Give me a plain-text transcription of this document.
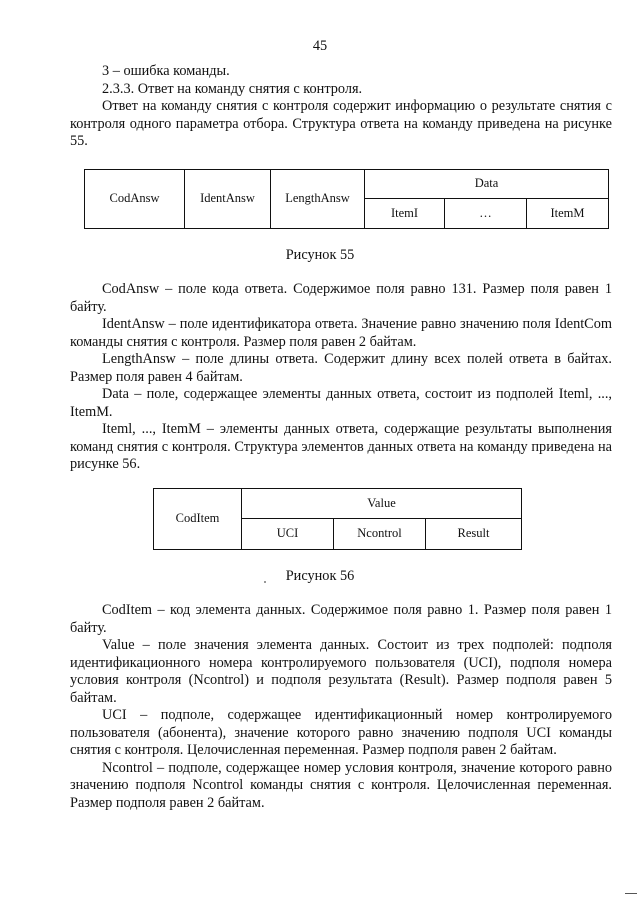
45
3 – ошибка команды.
2.3.3. Ответ на команду снятия с контроля.
Ответ на команду снятия с контроля содержит информацию о результате снятия с контроля одного параметра отбора. Структура ответа на команду приведена на рисунке 55.
CodAnsw	IdentAnsw	LengthAnsw	Data		
			ItemI	…	ItemM
Рисунок 55
CodAnsw – поле кода ответа. Содержимое поля равно 131. Размер поля равен 1 байту.
IdentAnsw – поле идентификатора ответа. Значение равно значению поля IdentCom команды снятия с контроля. Размер поля равен 2 байтам.
LengthAnsw – поле длины ответа. Содержит длину всех полей ответа в байтах. Размер поля равен 4 байтам.
Data – поле, содержащее элементы данных ответа, состоит из подполей Iteml, ..., ItemM.
Iteml, ..., ItemM – элементы данных ответа, содержащие результаты выполнения команд снятия с контроля. Структура элементов данных ответа на команду приведена на рисунке 56.
CodItem	Value		
	UCI	Ncontrol	Result
Рисунок 56
CodItem – код элемента данных. Содержимое поля равно 1. Размер поля равен 1 байту.
Value – поле значения элемента данных. Состоит из трех подполей: подполя идентификационного номера контролируемого пользователя (UCI), подполя номера условия контроля (Ncontrol) и подполя результата (Result). Размер подполя равен 5 байтам.
UCI – подполе, содержащее идентификационный номер контролируемого пользователя (абонента), значение которого равно значению подполя UCI команды снятия с контроля. Целочисленная переменная. Размер подполя равен 2 байтам.
Ncontrol – подполе, содержащее номер условия контроля, значение которого равно значению подполя Ncontrol команды снятия с контроля. Целочисленная переменная. Размер подполя равен 2 байтам.
